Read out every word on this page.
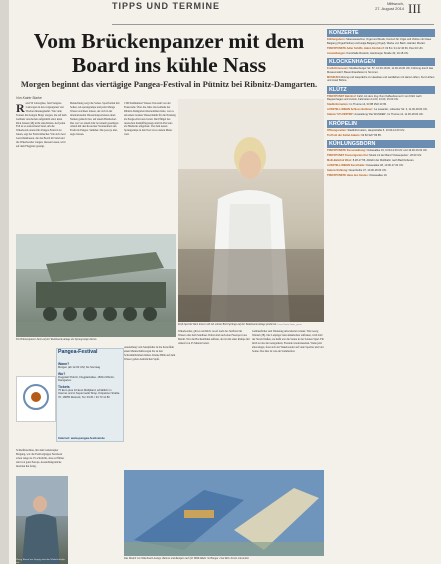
TIPPS UND TERMINE	Mittwoch,
27. August 2014 III
Vom Brückenpanzer mit dem Board ins kühle Nass
Morgen beginnt das viertägige Pangea-Festival in Pütnitz bei Ribnitz-Damgarten.
Von Katrin Starke

Rund 50 Laborgäste, fand Sangens Lastwagen in den vergangenen vier Wochen hinausgekehrt. Wie viele Tonnen die riesigen Bergs wiegen, die auf dem Gelände verschoben aufgetürmt sind, kann Rick Jensen (46) nicht einschätzen. Auf jeden Fall ist es ausreichend Sand, um die Wakeboard-Arena fürs Pangea-Festival zu bauen, sagt der Festivalmacher. Wie sich zwei Gewichtsklassen, die das Board im Sand und die Wakeboarder wiegen, messen lassen, wird auf dem Flugplatz gezeigt.

Beleuchtung sorgt die Sonne. Sportformat mit Seilen, Ab-sprungrampe und jeder Menge Wasser zeichnen Jensen, der sich in der internationalen Wasserskisportszene einen Namen gemacht hat, auf einem Bierdeckel. Das war vor einem Jahr bei einem geselligen Abend mit den Rostocker Veranstaltern des Festivals Pangea. Summer. Die passt ja mal, sagte Jensen.

1300 Kubikmeter Wasser. Das kam von der Feuerwehr. Über die Jahre das Gelände der Ribnitz-Damgarten übernommen hatte, war es um einen zweiten Wasserdamm für die Nutzung als Pangea-Parcours bereit. Die Pflügel des russischen Kampfflugzeugs sind im Parcours als Hindernis eingebaut. Von dem neuen Sprungrampe in den Pool ist es sieben Meter weit.

Profi-Sportler Rick Jensen will mit seinem Brett Sprünge auf der Wakeboard-Anlage probieren. Fotos: Katrin Starke, privat
Ein Brückenpanzer dient auf der Wakeboard-Anlage als Sprungrampe dienen.

Wakeboarder, gibt es reichlich: an erf auch das Surfbrett im Wasser oder dem Sandbeet. Dabei sind auch eine Fasersport aus Metall. Wer die Hochseilbahn aufbaut, der ist mit einer Rampe mit Anlauf von 25 Metern bereit.

Gebläsefächer und Werkzeug um-ruderten wieder. Wie Georg Wenzel (28). Der Leipziger baut Akkubohrer aufbauen, wird bald der Strom fließen, sie heißt erst die Sonne in der Sonnen Spiel. Für mich ist das die Gelegenheit, Freunde wiederzusehen. Wenn jetzt alles klappt, freut sich der Wakeboarder auf viele Sportler und viel Sonne: Das hier ist wie ein Sommerfest.

Ausstellung vom Sandpfeiler in die Kartoffeln einen Mannschaftswagen bis zu den Schwimmbrücken hinten. Kleine Bälle auf dem Wasser geben zusätzlichen Spaß.

Pangea-Festival

Wann?

Morgen (ab 12.00 Uhr) bis Sonntag

Wo?

Flugplatz Pütnitz, Flugplatzallee, 18311 Ribnitz-Damgarten

Tickets

75 Euro plus 10 Euro Müllpfand, erhältlich im Internet und in Supermarkt Shop, Kröpeliner Straße 70, 18055 Rostock, Tel. 03 81 / 33 73 11 80

Internet: www.pangea-festival.de

Schleifmaschine, mit dem Gabelstapler Bergung, war die Festivalgruppe Nordwest schon lange da. Er schwärmt, dass es Pfälzer sind von ganz Europa. Ausstellungsstücke machten ihn fertig.

Georg Wenzel aus Leipzig setzt den Winkelschleifer ein.
Das Modell von Wakeboard-Anlage, Bahnen und Rampen nach für BMX-Räder im Hangar 4 hat Rick Jensen entwickelt.
KONZERTE

Kühlungsborn: Meerwasserfest, Orgel und Musik, Konzert für Orgel und Violine mit Claus Beigang (Orgel/Violine) und Helga Beigang (Orgel), Werke von Bach, Händel, Mozart.

TREFFPUNKTE Adler Schiffe, Hafen Kirchdorf: 03 81 / 41 22 46 66, Poel 16 Uhr.

Ausstellungen: Kunsthalle Rostock, Hamburger Straße 40, 10-18 Uhr.

KLOCKENHAGEN

Freilichtmuseum: Mecklenburger Str. 57, 10.00-18.00, 11.00-16.00 Uhr, Führung durch das Museumsdorf, Bauernhausfeste im Sommer.

MUSEUM Führung und Gespräche zu Hausbau und Landleben mit Hans Lüthen, Kurt Lüthen und Josef Bohne.

KLÜTZ

TREFFPUNKT Bahnhof: Fahrt mit dem Zug 'Zum Kaffeebrennern' von Klütz nach Reppenhagen und zurück, Fahrzeiten 11.00, 13.00, 15.00 Uhr.

Stadtinformation: Im Thurow 14, 03 88 25/2 23 95.

AUSSTELLUNGEN Schloss Bothmer: 'La Lavande', Lübecker Str. 3, 11.00-18.00 Uhr.

Galerie 'SYLVESTER': Ausstellung 'Die WUNDER', Im Thurow 14, 11.00-18.00 Uhr.

KRÖPELIN

Öffnungszeiten: Stadtinformation, Hauptstraße 5, 10.00-12.00 Uhr.

Treff mit der Kuttel-Galerie: 03 82 92/7 86 85.

KÜHLUNGSBORN

TREFFPUNKTE Kurverwaltung: Ostseeallee 19, 9.00-12.00 Uhr und 13.00-16.00 Uhr.

TREFFPUNKT Konzertgarten Ost: Musik mit der Band 'Ostseeperlen', 20.00 Uhr.

Molli-Bahnhof West: 8.28-17.55, Abfahrt der Mollibahn nach Bad Doberan.

AUSSTELLUNGEN Kunsthalle: Ostseeallee 48, 10.00-17.00 Uhr.

Galerie Kühlung: Neue Reihe 37, 10.00-18.00 Uhr.

TREFFPUNKTE Haus des Gastes: Ostseeallee 19.
